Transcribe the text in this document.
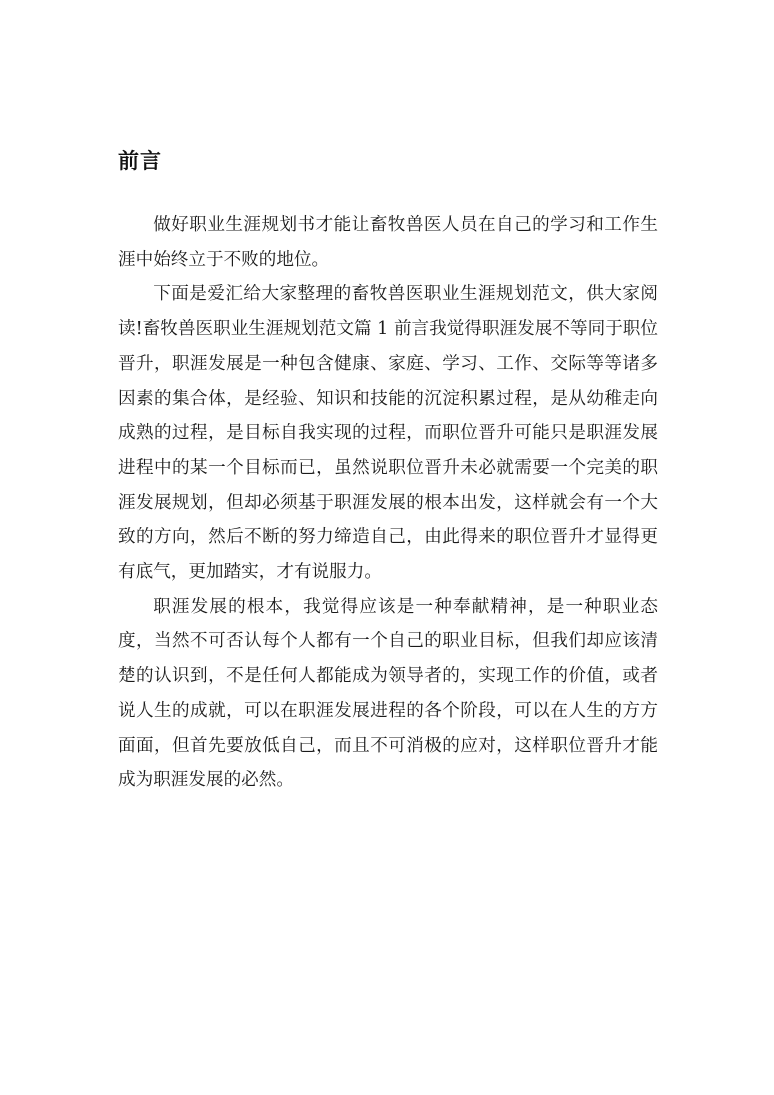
前言

做好职业生涯规划书才能让畜牧兽医人员在自己的学习和工作生涯中始终立于不败的地位。

下面是爱汇给大家整理的畜牧兽医职业生涯规划范文，供大家阅读!畜牧兽医职业生涯规划范文篇 1 前言我觉得职涯发展不等同于职位晋升，职涯发展是一种包含健康、家庭、学习、工作、交际等等诸多因素的集合体，是经验、知识和技能的沉淀积累过程，是从幼稚走向成熟的过程，是目标自我实现的过程，而职位晋升可能只是职涯发展进程中的某一个目标而已，虽然说职位晋升未必就需要一个完美的职涯发展规划，但却必须基于职涯发展的根本出发，这样就会有一个大致的方向，然后不断的努力缔造自己，由此得来的职位晋升才显得更有底气，更加踏实，才有说服力。

职涯发展的根本，我觉得应该是一种奉献精神，是一种职业态度，当然不可否认每个人都有一个自己的职业目标，但我们却应该清楚的认识到，不是任何人都能成为领导者的，实现工作的价值，或者说人生的成就，可以在职涯发展进程的各个阶段，可以在人生的方方面面，但首先要放低自己，而且不可消极的应对，这样职位晋升才能成为职涯发展的必然。
